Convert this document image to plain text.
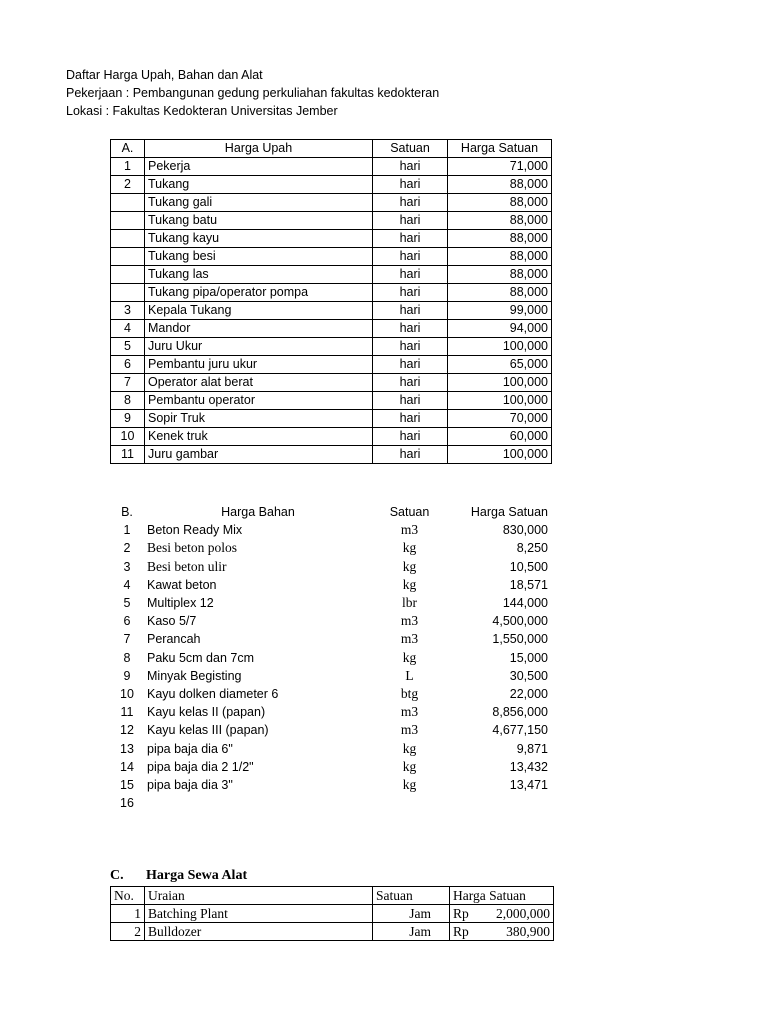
Daftar Harga Upah, Bahan dan Alat
Pekerjaan : Pembangunan gedung perkuliahan fakultas kedokteran
Lokasi : Fakultas Kedokteran Universitas Jember
A.	Harga Upah	Satuan	Harga Satuan
1	Pekerja	hari	71,000
2	Tukang	hari	88,000
	Tukang gali	hari	88,000
	Tukang batu	hari	88,000
	Tukang kayu	hari	88,000
	Tukang besi	hari	88,000
	Tukang las	hari	88,000
	Tukang pipa/operator pompa	hari	88,000
3	Kepala Tukang	hari	99,000
4	Mandor	hari	94,000
5	Juru Ukur	hari	100,000
6	Pembantu juru ukur	hari	65,000
7	Operator alat berat	hari	100,000
8	Pembantu operator	hari	100,000
9	Sopir Truk	hari	70,000
10	Kenek truk	hari	60,000
11	Juru gambar	hari	100,000
B.	Harga Bahan	Satuan	Harga Satuan
1	Beton Ready Mix	m3	830,000
2	Besi beton polos	kg	8,250
3	Besi beton ulir	kg	10,500
4	Kawat beton	kg	18,571
5	Multiplex 12	lbr	144,000
6	Kaso 5/7	m3	4,500,000
7	Perancah	m3	1,550,000
8	Paku 5cm dan 7cm	kg	15,000
9	Minyak Begisting	L	30,500
10	Kayu dolken diameter 6	btg	22,000
11	Kayu kelas II (papan)	m3	8,856,000
12	Kayu kelas III (papan)	m3	4,677,150
13	pipa baja dia 6"	kg	9,871
14	pipa baja dia 2 1/2"	kg	13,432
15	pipa baja dia 3"	kg	13,471
16			
C. Harga Sewa Alat
No.	Uraian	Satuan	Harga Satuan
1	Batching Plant	Jam	Rp 2,000,000

2	Bulldozer	Jam	Rp 380,900
